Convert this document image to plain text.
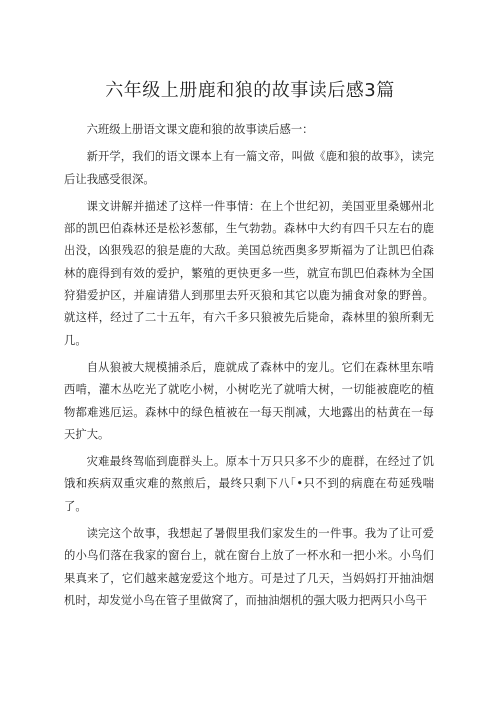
六年级上册鹿和狼的故事读后感3篇

六班级上册语文课文鹿和狼的故事读后感一：

新开学，我们的语文课本上有一篇文帝，叫做《鹿和狼的故事》，读完后让我感受很深。

课文讲解并描述了这样一件事情：在上个世纪初，美国亚里桑娜州北部的凯巴伯森林还是松衫葱郁，生气勃勃。森林中大约有四千只左右的鹿出没，凶狠残忍的狼是鹿的大敌。美国总统西奥多罗斯福为了让凯巴伯森林的鹿得到有效的爱护，繁殖的更快更多一些，就宣布凯巴伯森林为全国狩猎爱护区，并雇请猎人到那里去歼灭狼和其它以鹿为捕食对象的野兽。就这样，经过了二十五年，有六千多只狼被先后毙命，森林里的狼所剩无几。

自从狼被大规模捕杀后，鹿就成了森林中的宠儿。它们在森林里东啃西啃，灌木丛吃光了就吃小树，小树吃光了就啃大树，一切能被鹿吃的植物都难逃厄运。森林中的绿色植被在一每天削减，大地露出的枯黄在一每天扩大。

灾难最终驾临到鹿群头上。原本十万只只多不少的鹿群，在经过了饥饿和疾病双重灾难的熬煎后，最终只剩下八｢•只不到的病鹿在苟延残喘了。

读完这个故事，我想起了暑假里我们家发生的一件事。我为了让可爱的小鸟们落在我家的窗台上，就在窗台上放了一杯水和一把小米。小鸟们果真来了，它们越来越宠爱这个地方。可是过了几天，当妈妈打开抽油烟机时，却发觉小鸟在管子里做窝了，而抽油烟机的强大吸力把两只小鸟干
